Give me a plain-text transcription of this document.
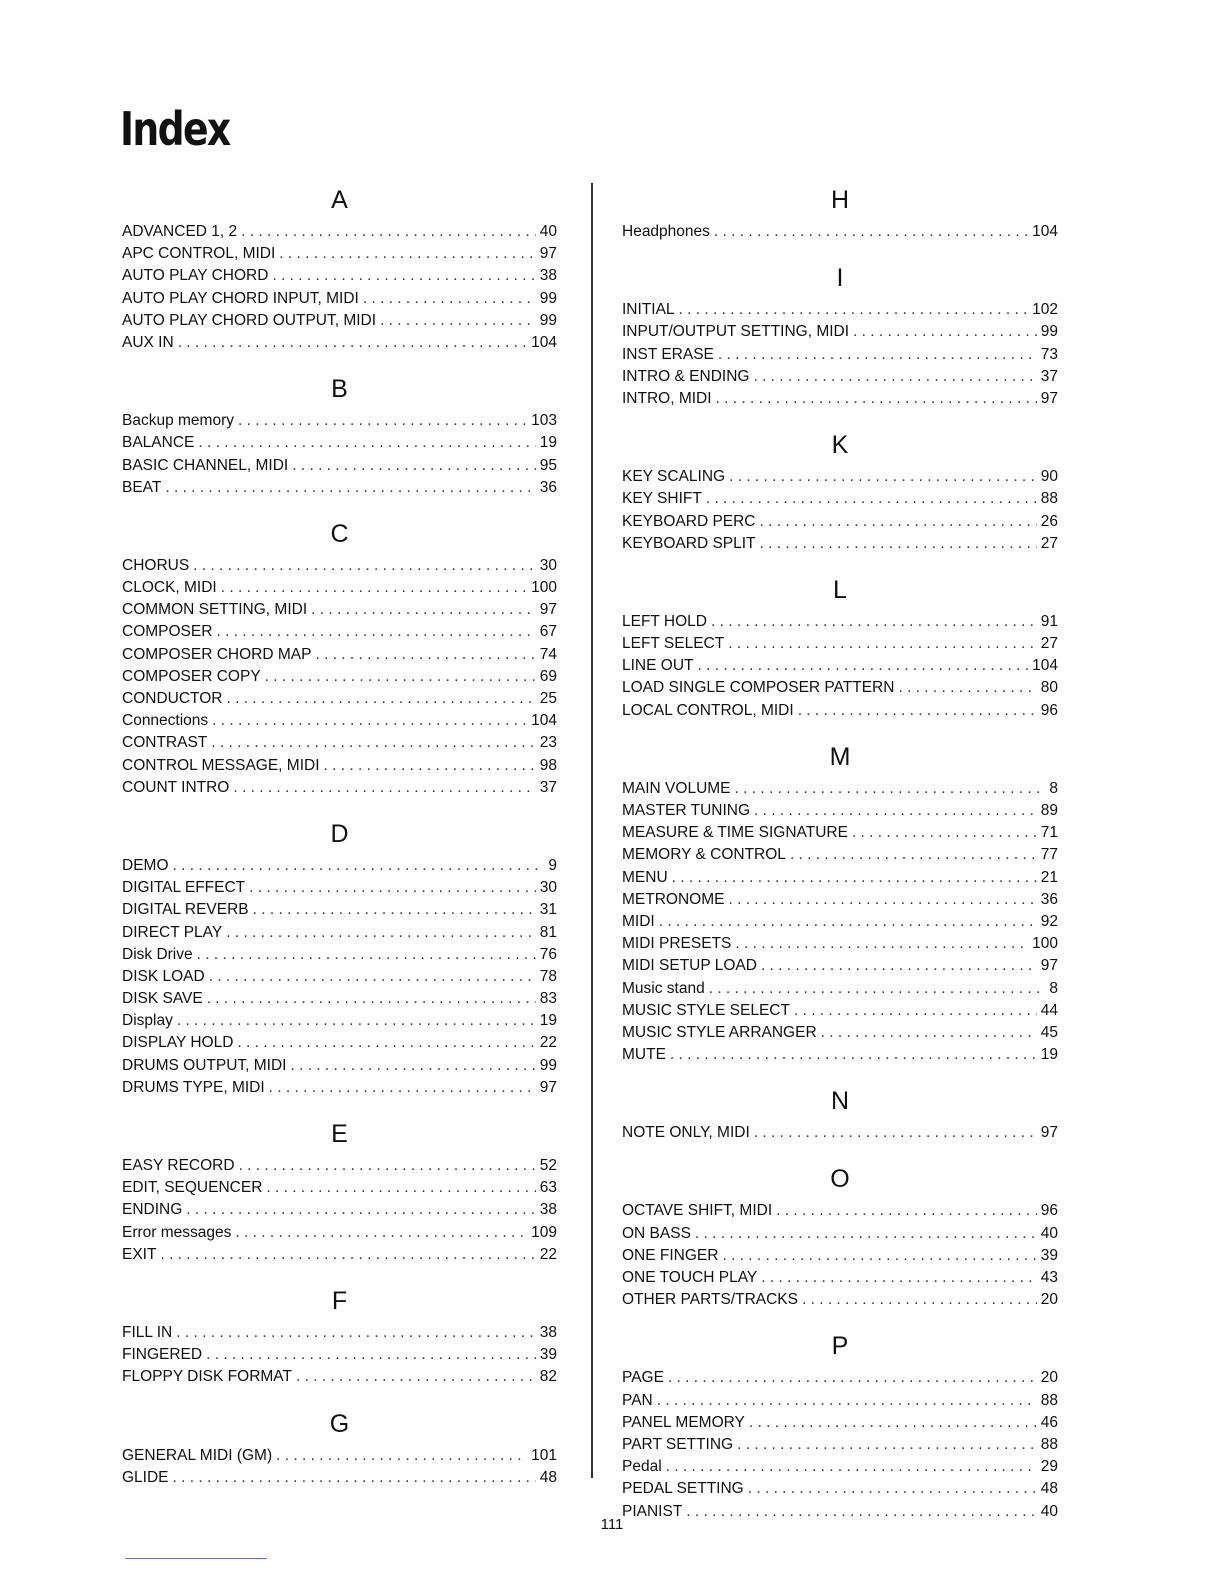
Index
A
ADVANCED 1, 2 . . .	40
APC CONTROL, MIDI . . .	97
AUTO PLAY CHORD . . .	38
AUTO PLAY CHORD INPUT, MIDI . . .	99
AUTO PLAY CHORD OUTPUT, MIDI . . .	99
AUX IN . . .	104
B
Backup memory . . .	103
BALANCE . . .	19
BASIC CHANNEL, MIDI . . .	95
BEAT . . .	36
C
CHORUS . . .	30
CLOCK, MIDI . . .	100
COMMON SETTING, MIDI . . .	97
COMPOSER . . .	67
COMPOSER CHORD MAP . . .	74
COMPOSER COPY . . .	69
CONDUCTOR . . .	25
Connections . . .	104
CONTRAST . . .	23
CONTROL MESSAGE, MIDI . . .	98
COUNT INTRO . . .	37
D
DEMO . . .	9
DIGITAL EFFECT . . .	30
DIGITAL REVERB . . .	31
DIRECT PLAY . . .	81
Disk Drive . . .	76
DISK LOAD . . .	78
DISK SAVE . . .	83
Display . . .	19
DISPLAY HOLD . . .	22
DRUMS OUTPUT, MIDI . . .	99
DRUMS TYPE, MIDI . . .	97
E
EASY RECORD . . .	52
EDIT, SEQUENCER . . .	63
ENDING . . .	38
Error messages . . .	109
EXIT . . .	22
F
FILL IN . . .	38
FINGERED . . .	39
FLOPPY DISK FORMAT . . .	82
G
GENERAL MIDI (GM) . . .	101
GLIDE . . .	48
H
Headphones . . .	104
I
INITIAL . . .	102
INPUT/OUTPUT SETTING, MIDI . . .	99
INST ERASE . . .	73
INTRO & ENDING . . .	37
INTRO, MIDI . . .	97
K
KEY SCALING . . .	90
KEY SHIFT . . .	88
KEYBOARD PERC . . .	26
KEYBOARD SPLIT . . .	27
L
LEFT HOLD . . .	91
LEFT SELECT . . .	27
LINE OUT . . .	104
LOAD SINGLE COMPOSER PATTERN . . .	80
LOCAL CONTROL, MIDI . . .	96
M
MAIN VOLUME . . .	8
MASTER TUNING . . .	89
MEASURE & TIME SIGNATURE . . .	71
MEMORY & CONTROL . . .	77
MENU . . .	21
METRONOME . . .	36
MIDI . . .	92
MIDI PRESETS . . .	100
MIDI SETUP LOAD . . .	97
Music stand . . .	8
MUSIC STYLE SELECT . . .	44
MUSIC STYLE ARRANGER . . .	45
MUTE . . .	19
N
NOTE ONLY, MIDI . . .	97
O
OCTAVE SHIFT, MIDI . . .	96
ON BASS . . .	40
ONE FINGER . . .	39
ONE TOUCH PLAY . . .	43
OTHER PARTS/TRACKS . . .	20
P
PAGE . . .	20
PAN . . .	88
PANEL MEMORY . . .	46
PART SETTING . . .	88
Pedal . . .	29
PEDAL SETTING . . .	48
PIANIST . . .	40
111
